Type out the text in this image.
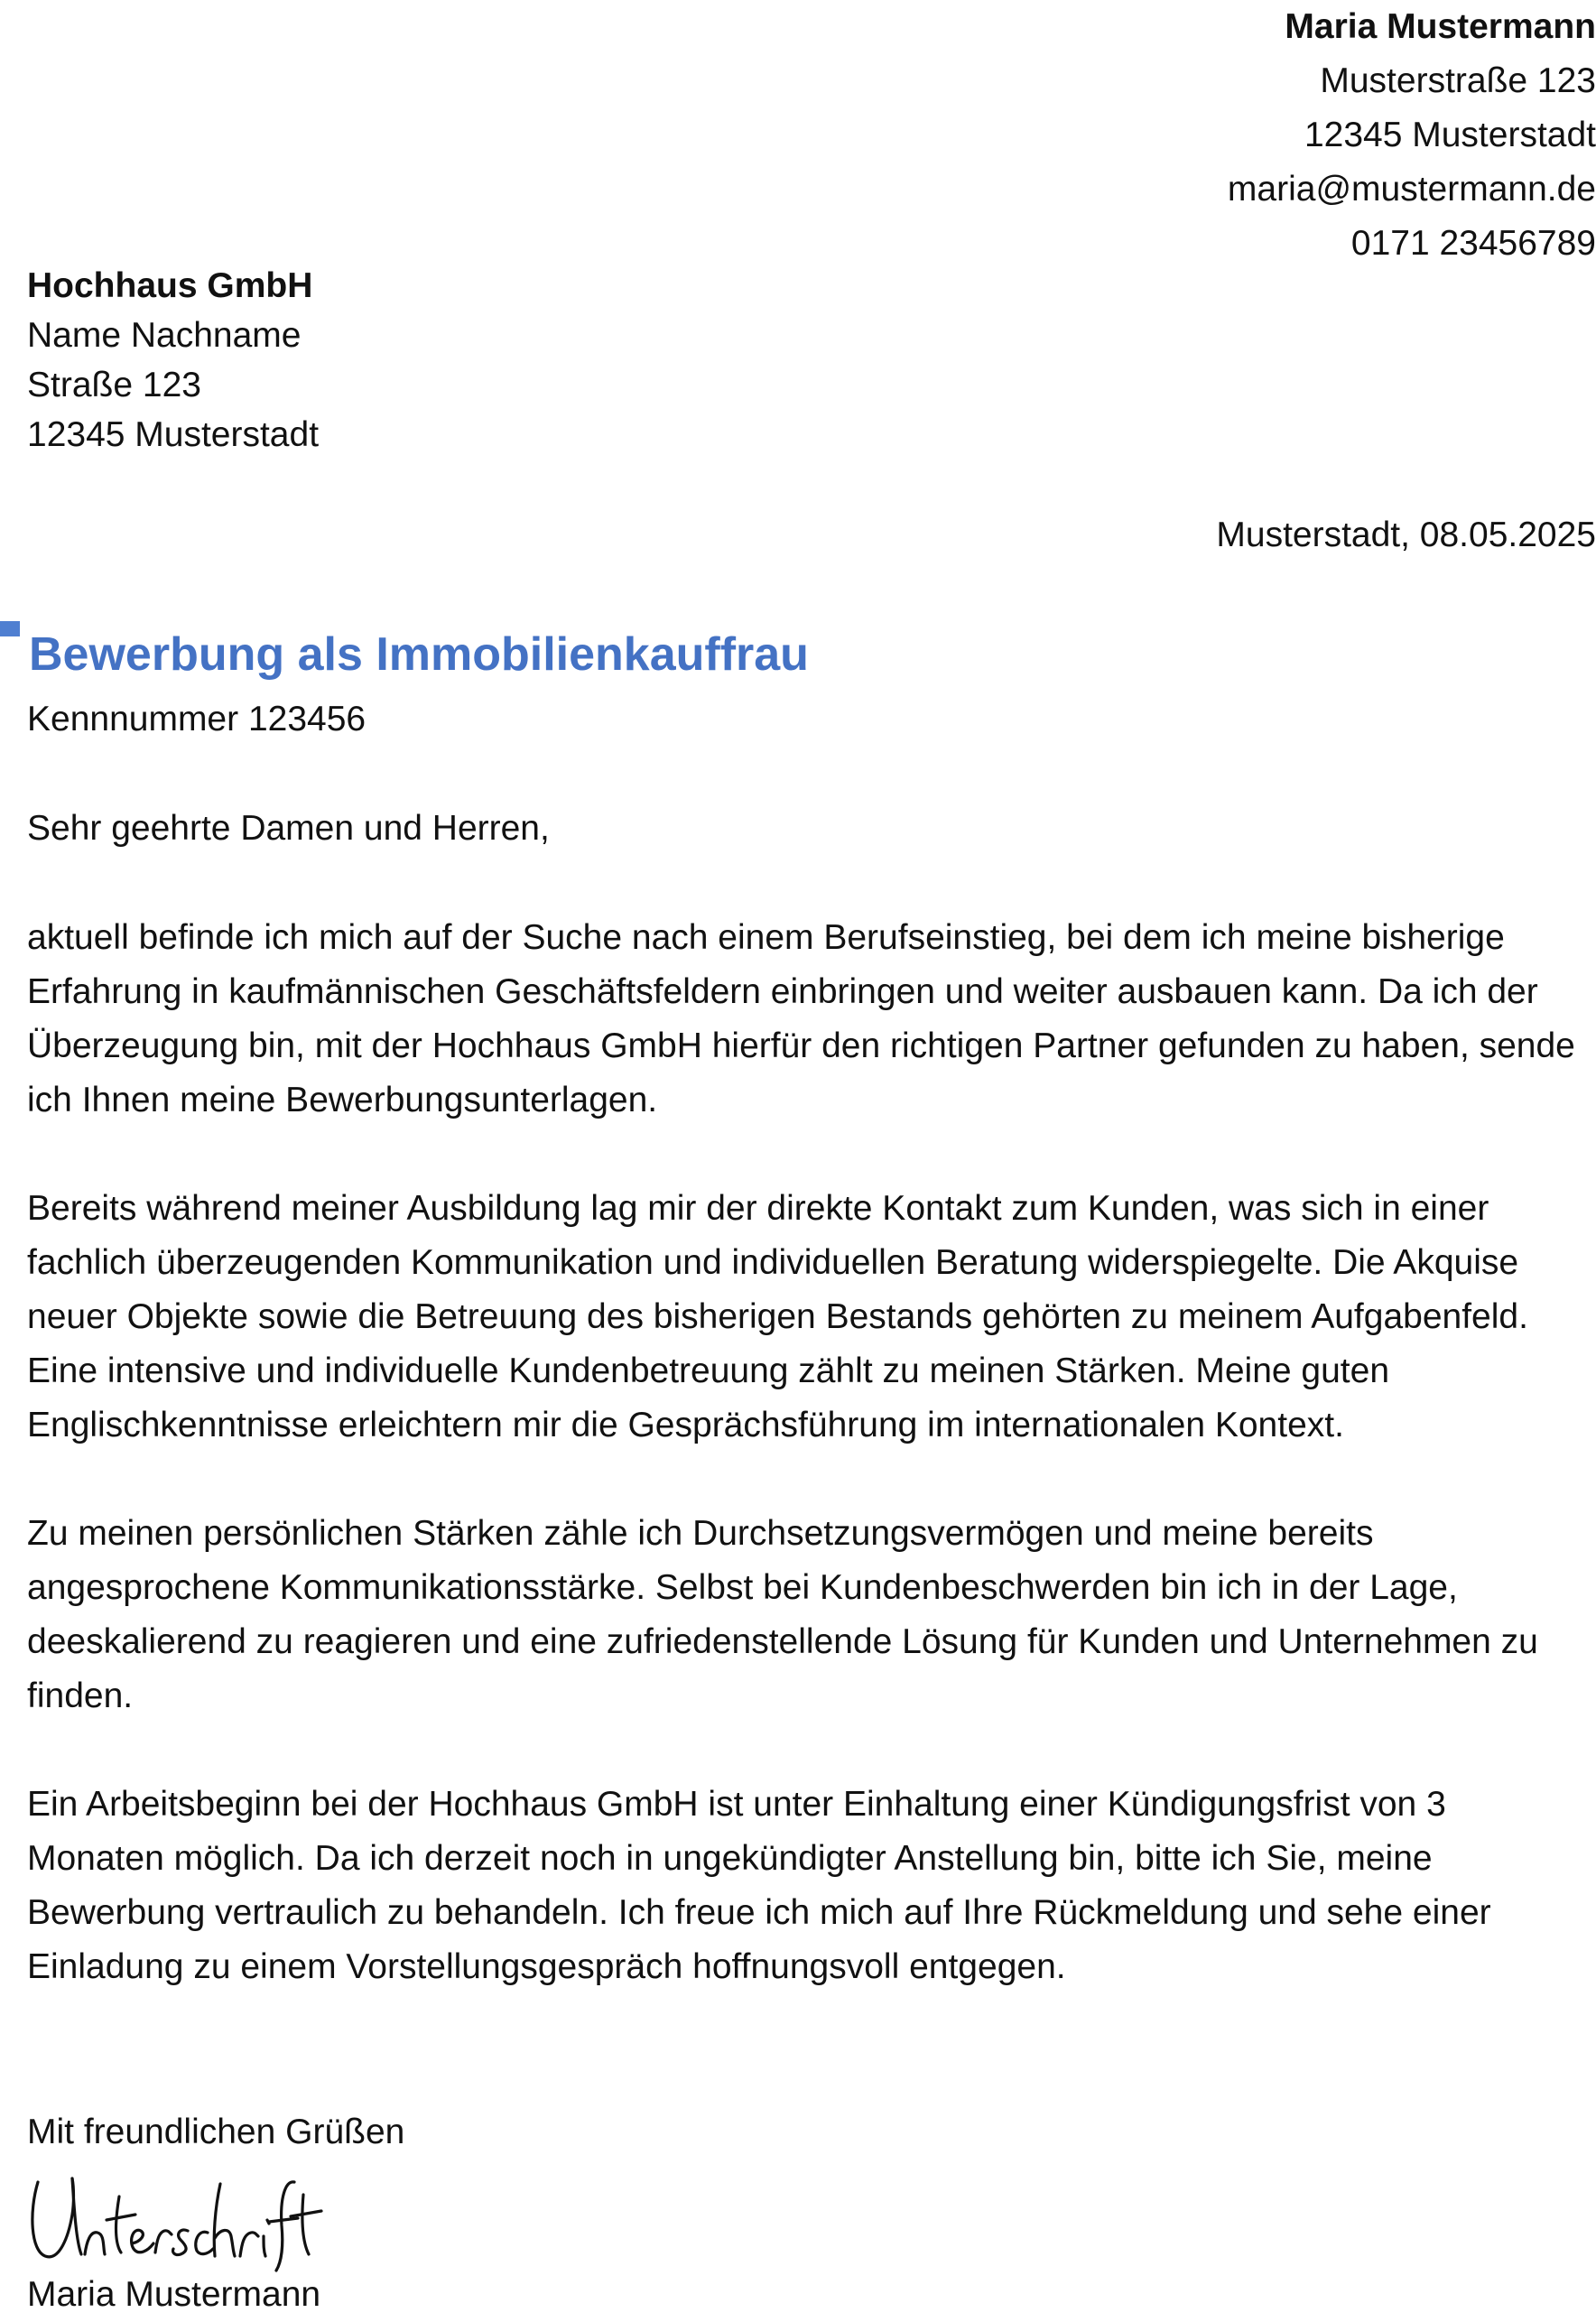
Maria Mustermann
Musterstraße 123
12345 Musterstadt
maria@mustermann.de
0171 23456789
Hochhaus GmbH
Name Nachname
Straße 123
12345 Musterstadt
Musterstadt, 08.05.2025
Bewerbung als Immobilienkauffrau
Kennnummer 123456
Sehr geehrte Damen und Herren,

aktuell befinde ich mich auf der Suche nach einem Berufseinstieg, bei dem ich meine bisherige Erfahrung in kaufmännischen Geschäftsfeldern einbringen und weiter ausbauen kann. Da ich der Überzeugung bin, mit der Hochhaus GmbH hierfür den richtigen Partner gefunden zu haben, sende ich Ihnen meine Bewerbungsunterlagen.

Bereits während meiner Ausbildung lag mir der direkte Kontakt zum Kunden, was sich in einer fachlich überzeugenden Kommunikation und individuellen Beratung widerspiegelte. Die Akquise neuer Objekte sowie die Betreuung des bisherigen Bestands gehörten zu meinem Aufgabenfeld. Eine intensive und individuelle Kundenbetreuung zählt zu meinen Stärken. Meine guten Englischkenntnisse erleichtern mir die Gesprächsführung im internationalen Kontext.

Zu meinen persönlichen Stärken zähle ich Durchsetzungsvermögen und meine bereits angesprochene Kommunikationsstärke. Selbst bei Kundenbeschwerden bin ich in der Lage, deeskalierend zu reagieren und eine zufriedenstellende Lösung für Kunden und Unternehmen zu finden.

Ein Arbeitsbeginn bei der Hochhaus GmbH ist unter Einhaltung einer Kündigungsfrist von 3 Monaten möglich. Da ich derzeit noch in ungekündigter Anstellung bin, bitte ich Sie, meine Bewerbung vertraulich zu behandeln. Ich freue ich mich auf Ihre Rückmeldung und sehe einer Einladung zu einem Vorstellungsgespräch hoffnungsvoll entgegen.

Mit freundlichen Grüßen
Maria Mustermann
